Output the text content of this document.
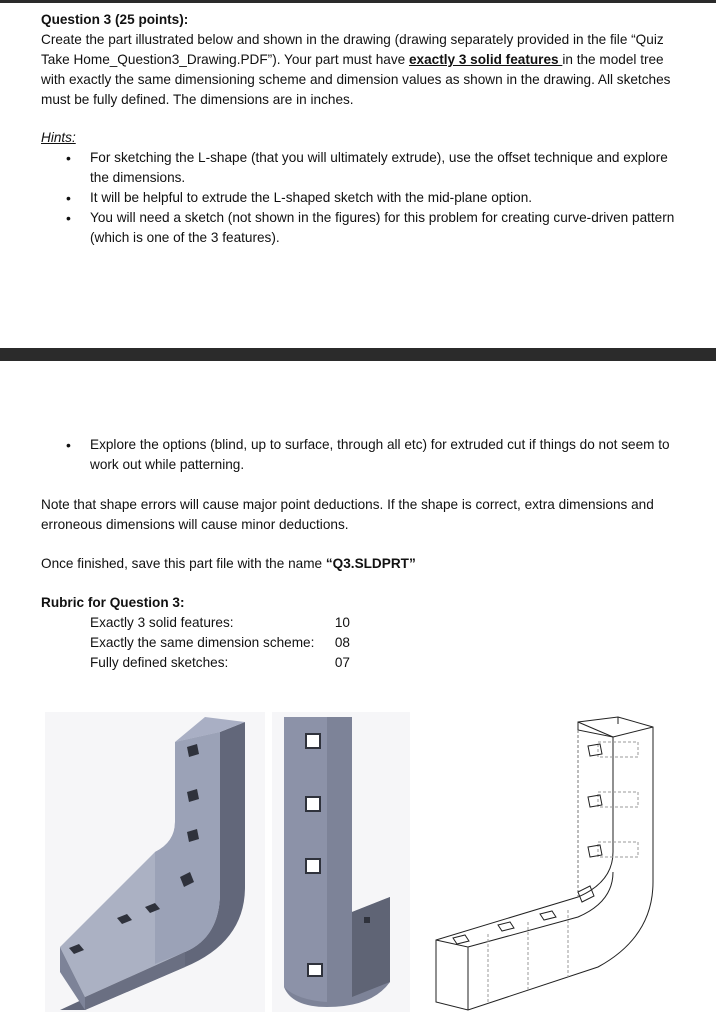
Question 3 (25 points):

Create the part illustrated below and shown in the drawing (drawing separately provided in the file “Quiz Take Home_Question3_Drawing.PDF”). Your part must have exactly 3 solid features in the model tree with exactly the same dimensioning scheme and dimension values as shown in the drawing. All sketches must be fully defined. The dimensions are in inches.

Hints:

• For sketching the L-shape (that you will ultimately extrude), use the offset technique and explore the dimensions.
• It will be helpful to extrude the L-shaped sketch with the mid-plane option.
• You will need a sketch (not shown in the figures) for this problem for creating curve-driven pattern (which is one of the 3 features).
• Explore the options (blind, up to surface, through all etc) for extruded cut if things do not seem to work out while patterning.

Note that shape errors will cause major point deductions. If the shape is correct, extra dimensions and erroneous dimensions will cause minor deductions.

Once finished, save this part file with the name “Q3.SLDPRT”

Rubric for Question 3:

Exactly 3 solid features:	10
Exactly the same dimension scheme:	08
Fully defined sketches:	07
